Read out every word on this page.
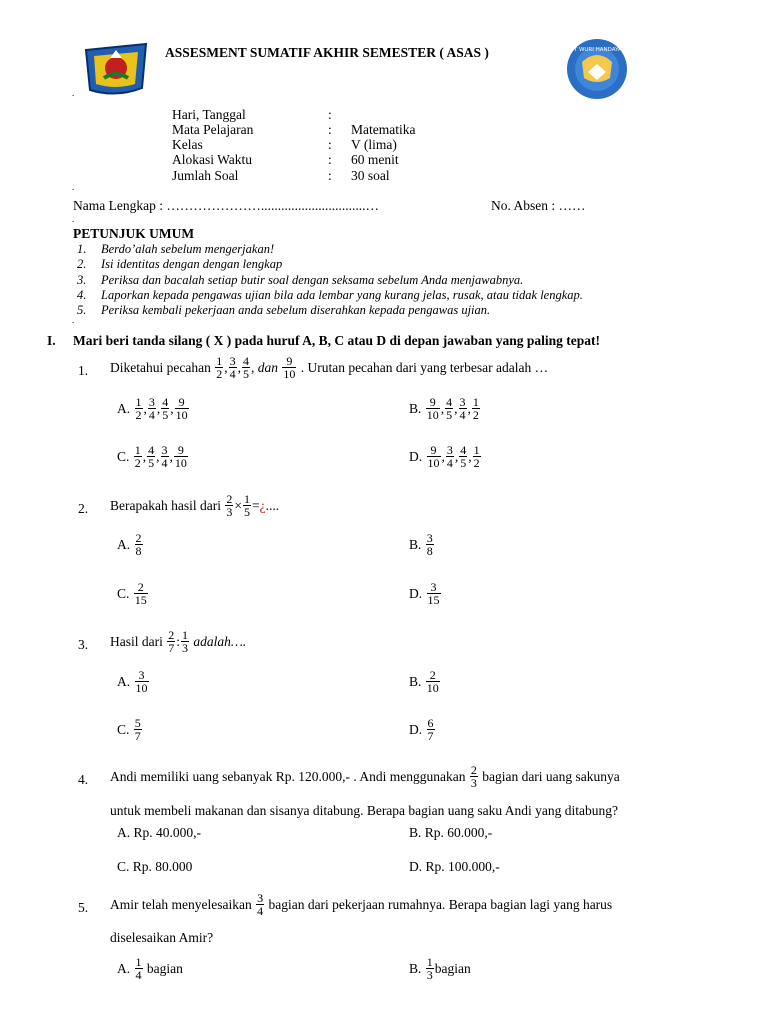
ASSESMENT SUMATIF AKHIR SEMESTER ( ASAS )	TUT WURI HANDAYANI
.
Hari, Tanggal	:
Mata Pelajaran	: Matematika
Kelas	: V (lima)
Alokasi Waktu	: 60 menit
Jumlah Soal	: 30 soal
.
Nama Lengkap : …………………...............................…	No. Absen : ……
.
PETUNJUK UMUM
1. Berdo’alah sebelum mengerjakan!
2. Isi identitas dengan dengan lengkap
3. Periksa dan bacalah setiap butir soal dengan seksama sebelum Anda menjawabnya.
4. Laporkan kepada pengawas ujian bila ada lembar yang kurang jelas, rusak, atau tidak lengkap.
5. Periksa kembali pekerjaan anda sebelum diserahkan kepada pengawas ujian.
.
I. Mari beri tanda silang ( X ) pada huruf A, B, C atau D di depan jawaban yang paling tepat!
1. Diketahui pecahan $\frac{1}{2}$ , $\frac{3}{4}$ , $\frac{4}{5}$ , dan $\frac{9}{10}$ . Urutan pecahan dari yang terbesar adalah …
A. $\frac{1}{2}$ , $\frac{3}{4}$ , $\frac{4}{5}$ , $\frac{9}{10}$	B. $\frac{9}{10}$ , $\frac{4}{5}$ , $\frac{3}{4}$ , $\frac{1}{2}$
C. $\frac{1}{2}$ , $\frac{4}{5}$ , $\frac{3}{4}$ , $\frac{9}{10}$	D. $\frac{9}{10}$ , $\frac{3}{4}$ , $\frac{4}{5}$ , $\frac{1}{2}$
2. Berapakah hasil dari $\frac{2}{3} \times \frac{1}{5}$ = ¿ ....
A. $\frac{2}{8}$	B. $\frac{3}{8}$
C. $\frac{2}{15}$	D. $\frac{3}{15}$
3. Hasil dari $\frac{2}{7}$ : $\frac{1}{3}$ adalah….
A. $\frac{3}{10}$	B. $\frac{2}{10}$
C. $\frac{5}{7}$	D. $\frac{6}{7}$
4. Andi memiliki uang sebanyak Rp. 120.000,- . Andi menggunakan $\frac{2}{3}$ bagian dari uang sakunya
untuk membeli makanan dan sisanya ditabung. Berapa bagian uang saku Andi yang ditabung?
A. Rp. 40.000,-	B. Rp. 60.000,-
C. Rp. 80.000	D. Rp. 100.000,-
5. Amir telah menyelesaikan $\frac{3}{4}$ bagian dari pekerjaan rumahnya. Berapa bagian lagi yang harus
diselesaikan Amir?
A. $\frac{1}{4}$ bagian	B. $\frac{1}{3}$ bagian
